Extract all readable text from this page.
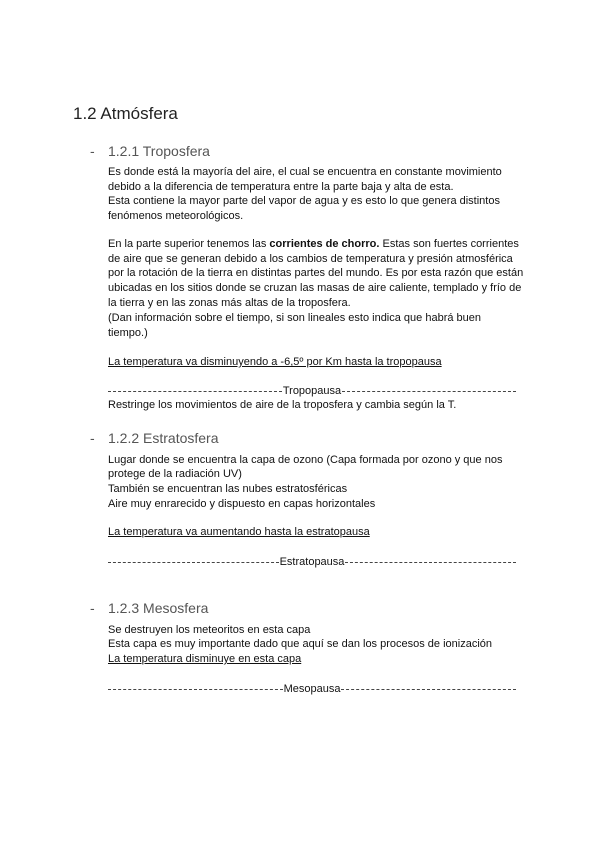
1.2 Atmósfera
- 1.2.1 Troposfera
Es donde está la mayoría del aire, el cual se encuentra en constante movimiento
debido a la diferencia de temperatura entre la parte baja y alta de esta.
Esta contiene la mayor parte del vapor de agua y es esto lo que genera distintos
fenómenos meteorológicos.
En la parte superior tenemos las corrientes de chorro. Estas son fuertes corrientes
de aire que se generan debido a los cambios de temperatura y presión atmosférica
por la rotación de la tierra en distintas partes del mundo. Es por esta razón que están
ubicadas en los sitios donde se cruzan las masas de aire caliente, templado y frío de
la tierra y en las zonas más altas de la troposfera.
(Dan información sobre el tiempo, si son lineales esto indica que habrá buen
tiempo.)
La temperatura va disminuyendo a -6,5º por Km hasta la tropopausa
Tropopausa
Restringe los movimientos de aire de la troposfera y cambia según la T.
- 1.2.2 Estratosfera
Lugar donde se encuentra la capa de ozono (Capa formada por ozono y que nos
protege de la radiación UV)
También se encuentran las nubes estratosféricas
Aire muy enrarecido y dispuesto en capas horizontales
La temperatura va aumentando hasta la estratopausa
Estratopausa
- 1.2.3 Mesosfera
Se destruyen los meteoritos en esta capa
Esta capa es muy importante dado que aquí se dan los procesos de ionización
La temperatura disminuye en esta capa
Mesopausa
